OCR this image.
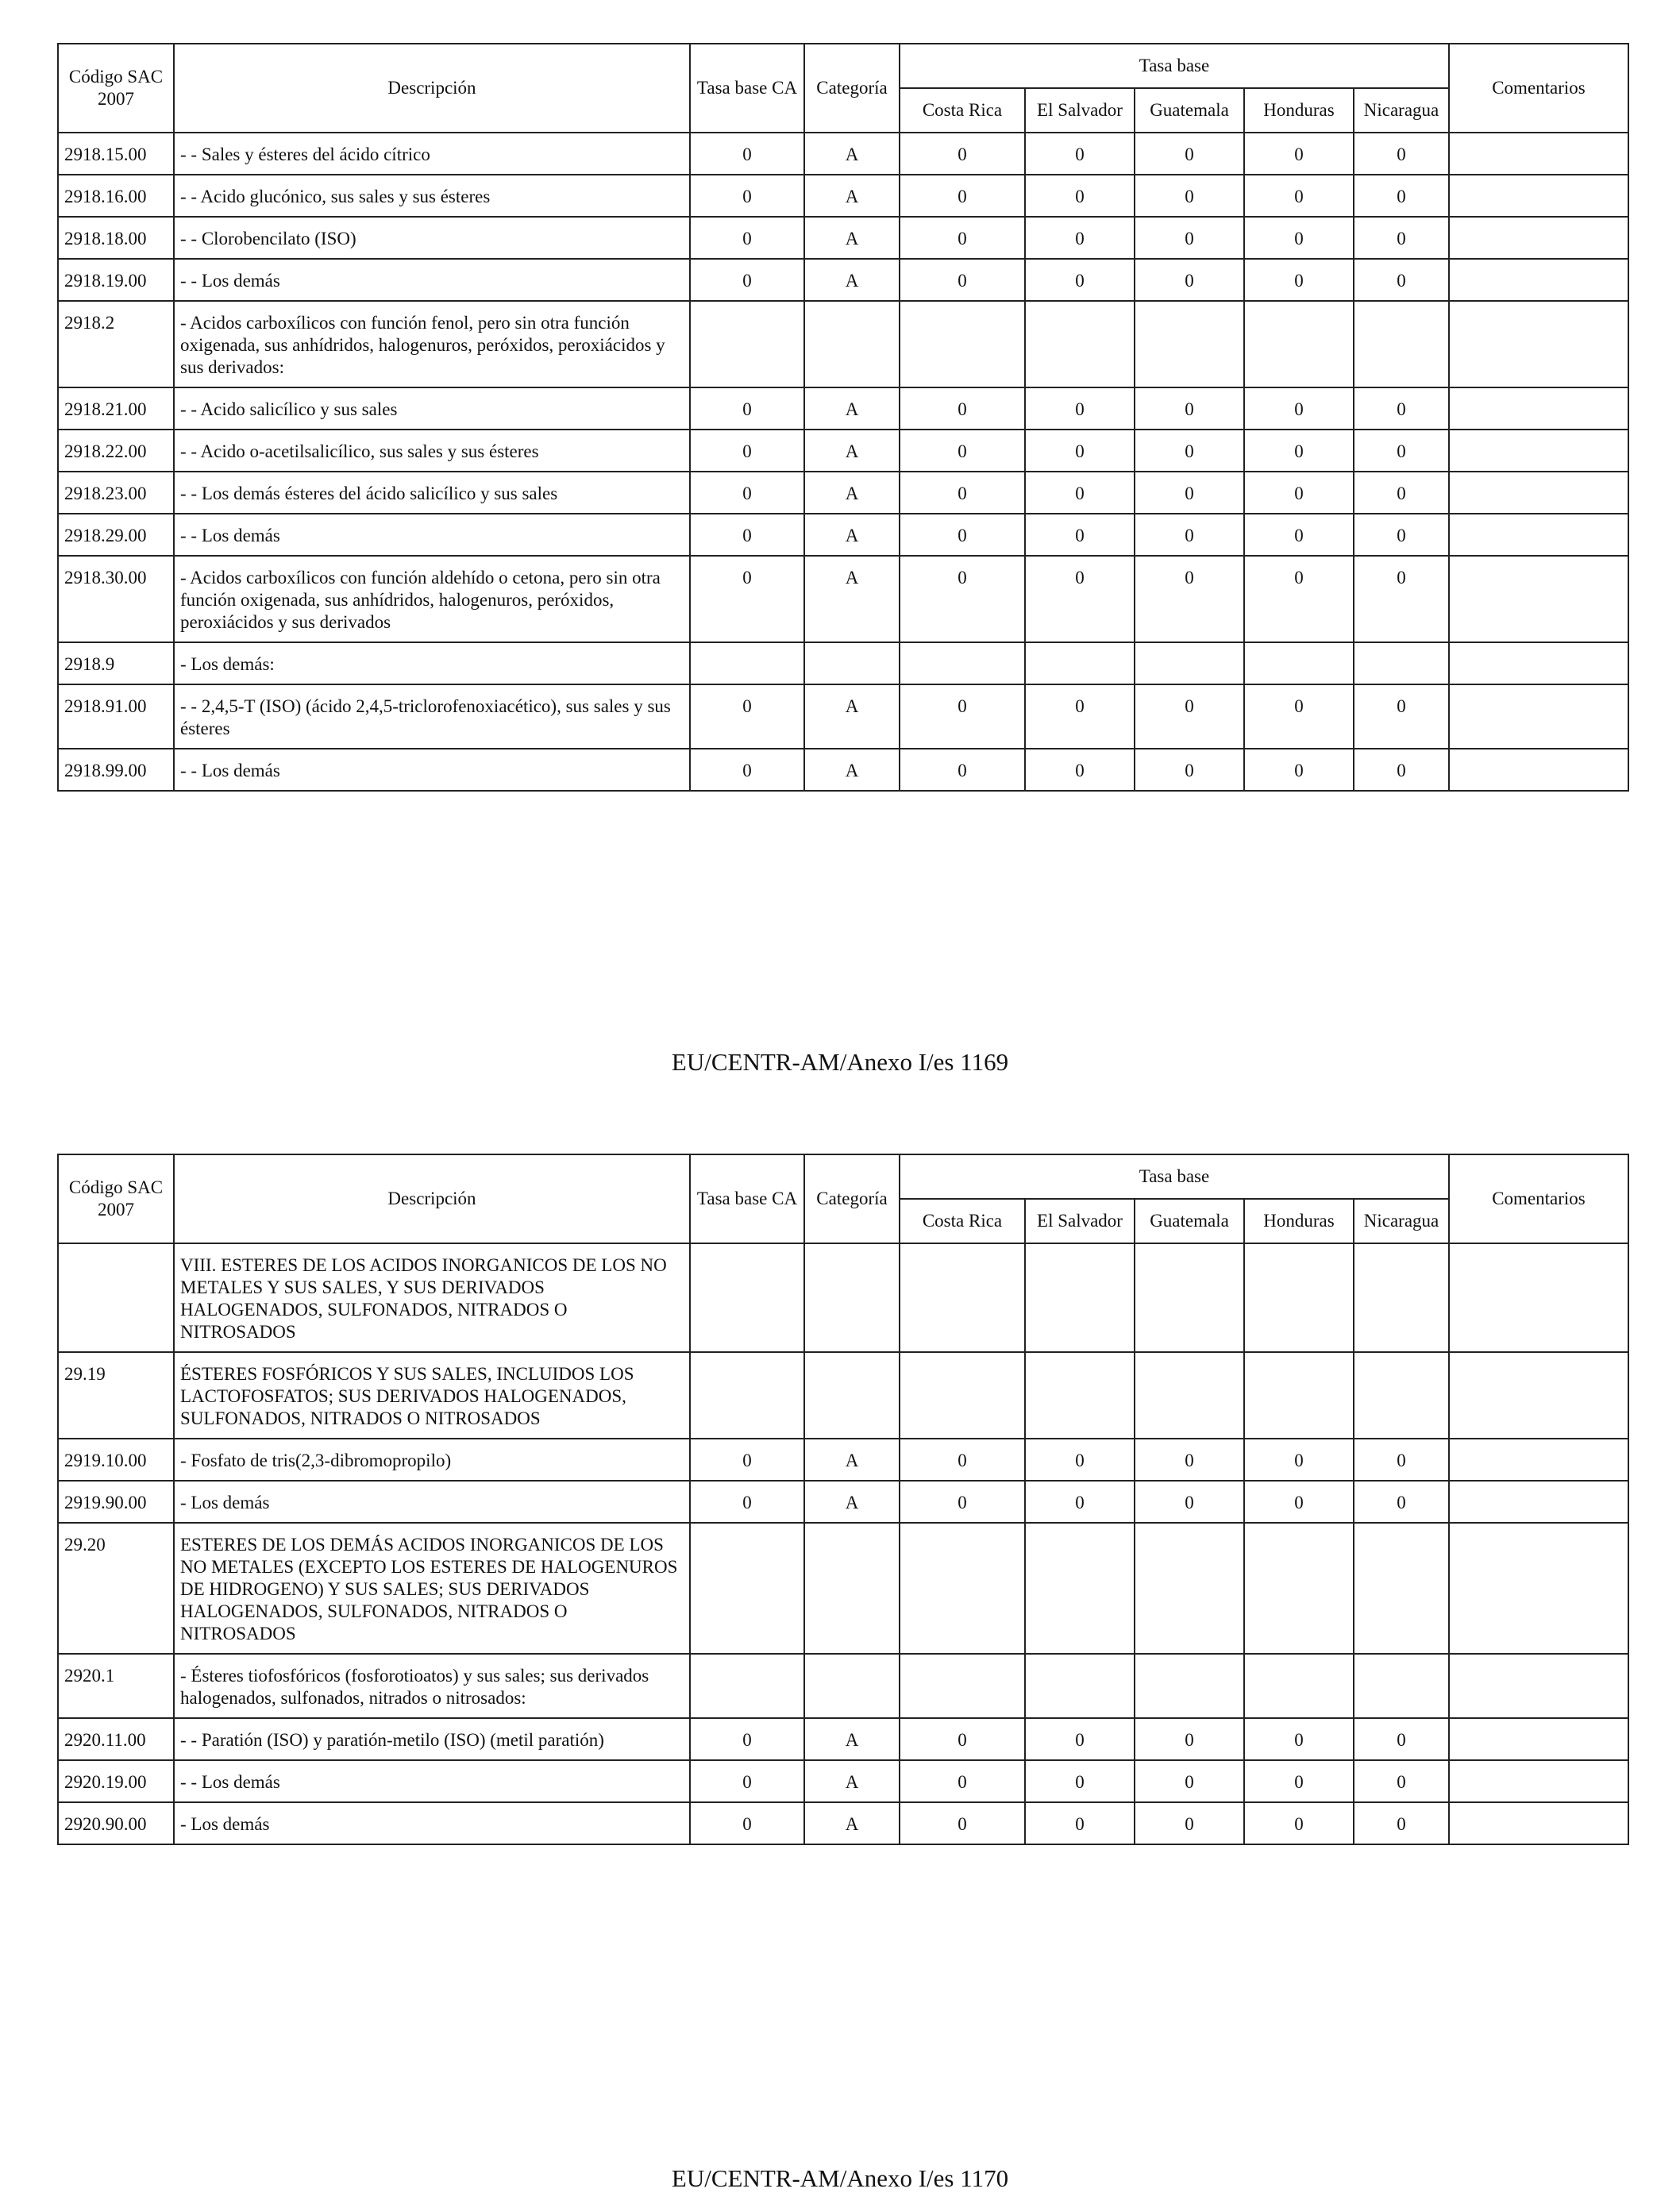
Código SAC 2007	Descripción	Tasa base CA	Categoría	Tasa base					Comentarios
				Costa Rica	El Salvador	Guatemala	Honduras	Nicaragua	
2918.15.00	- - Sales y ésteres del ácido cítrico	0	A	0	0	0	0	0	
2918.16.00	- - Acido glucónico, sus sales y sus ésteres	0	A	0	0	0	0	0	
2918.18.00	- - Clorobencilato (ISO)	0	A	0	0	0	0	0	
2918.19.00	- - Los demás	0	A	0	0	0	0	0	
2918.2	- Acidos carboxílicos con función fenol, pero sin otra función oxigenada, sus anhídridos, halogenuros, peróxidos, peroxiácidos y sus derivados:								
2918.21.00	- - Acido salicílico y sus sales	0	A	0	0	0	0	0	
2918.22.00	- - Acido o-acetilsalicílico, sus sales y sus ésteres	0	A	0	0	0	0	0	
2918.23.00	- - Los demás ésteres del ácido salicílico y sus sales	0	A	0	0	0	0	0	
2918.29.00	- - Los demás	0	A	0	0	0	0	0	
2918.30.00	- Acidos carboxílicos con función aldehído o cetona, pero sin otra función oxigenada, sus anhídridos, halogenuros, peróxidos, peroxiácidos y sus derivados	0	A	0	0	0	0	0	
2918.9	- Los demás:								
2918.91.00	- - 2,4,5-T (ISO) (ácido 2,4,5-triclorofenoxiacético), sus sales y sus ésteres	0	A	0	0	0	0	0	
2918.99.00	- - Los demás	0	A	0	0	0	0	0	
EU/CENTR-AM/Anexo I/es 1169
Código SAC 2007	Descripción	Tasa base CA	Categoría	Tasa base					Comentarios
				Costa Rica	El Salvador	Guatemala	Honduras	Nicaragua	
	VIII. ESTERES DE LOS ACIDOS INORGANICOS DE LOS NO METALES Y SUS SALES, Y SUS DERIVADOS HALOGENADOS, SULFONADOS, NITRADOS O NITROSADOS								
29.19	ÉSTERES FOSFÓRICOS Y SUS SALES, INCLUIDOS LOS LACTOFOSFATOS; SUS DERIVADOS HALOGENADOS, SULFONADOS, NITRADOS O NITROSADOS								
2919.10.00	- Fosfato de tris(2,3-dibromopropilo)	0	A	0	0	0	0	0	
2919.90.00	- Los demás	0	A	0	0	0	0	0	
29.20	ESTERES DE LOS DEMÁS ACIDOS INORGANICOS DE LOS NO METALES (EXCEPTO LOS ESTERES DE HALOGENUROS DE HIDROGENO) Y SUS SALES; SUS DERIVADOS HALOGENADOS, SULFONADOS, NITRADOS O NITROSADOS								
2920.1	- Ésteres tiofosfóricos (fosforotioatos) y sus sales; sus derivados halogenados, sulfonados, nitrados o nitrosados:								
2920.11.00	- - Paratión (ISO) y paratión-metilo (ISO) (metil paratión)	0	A	0	0	0	0	0	
2920.19.00	- - Los demás	0	A	0	0	0	0	0	
2920.90.00	- Los demás	0	A	0	0	0	0	0	
EU/CENTR-AM/Anexo I/es 1170
